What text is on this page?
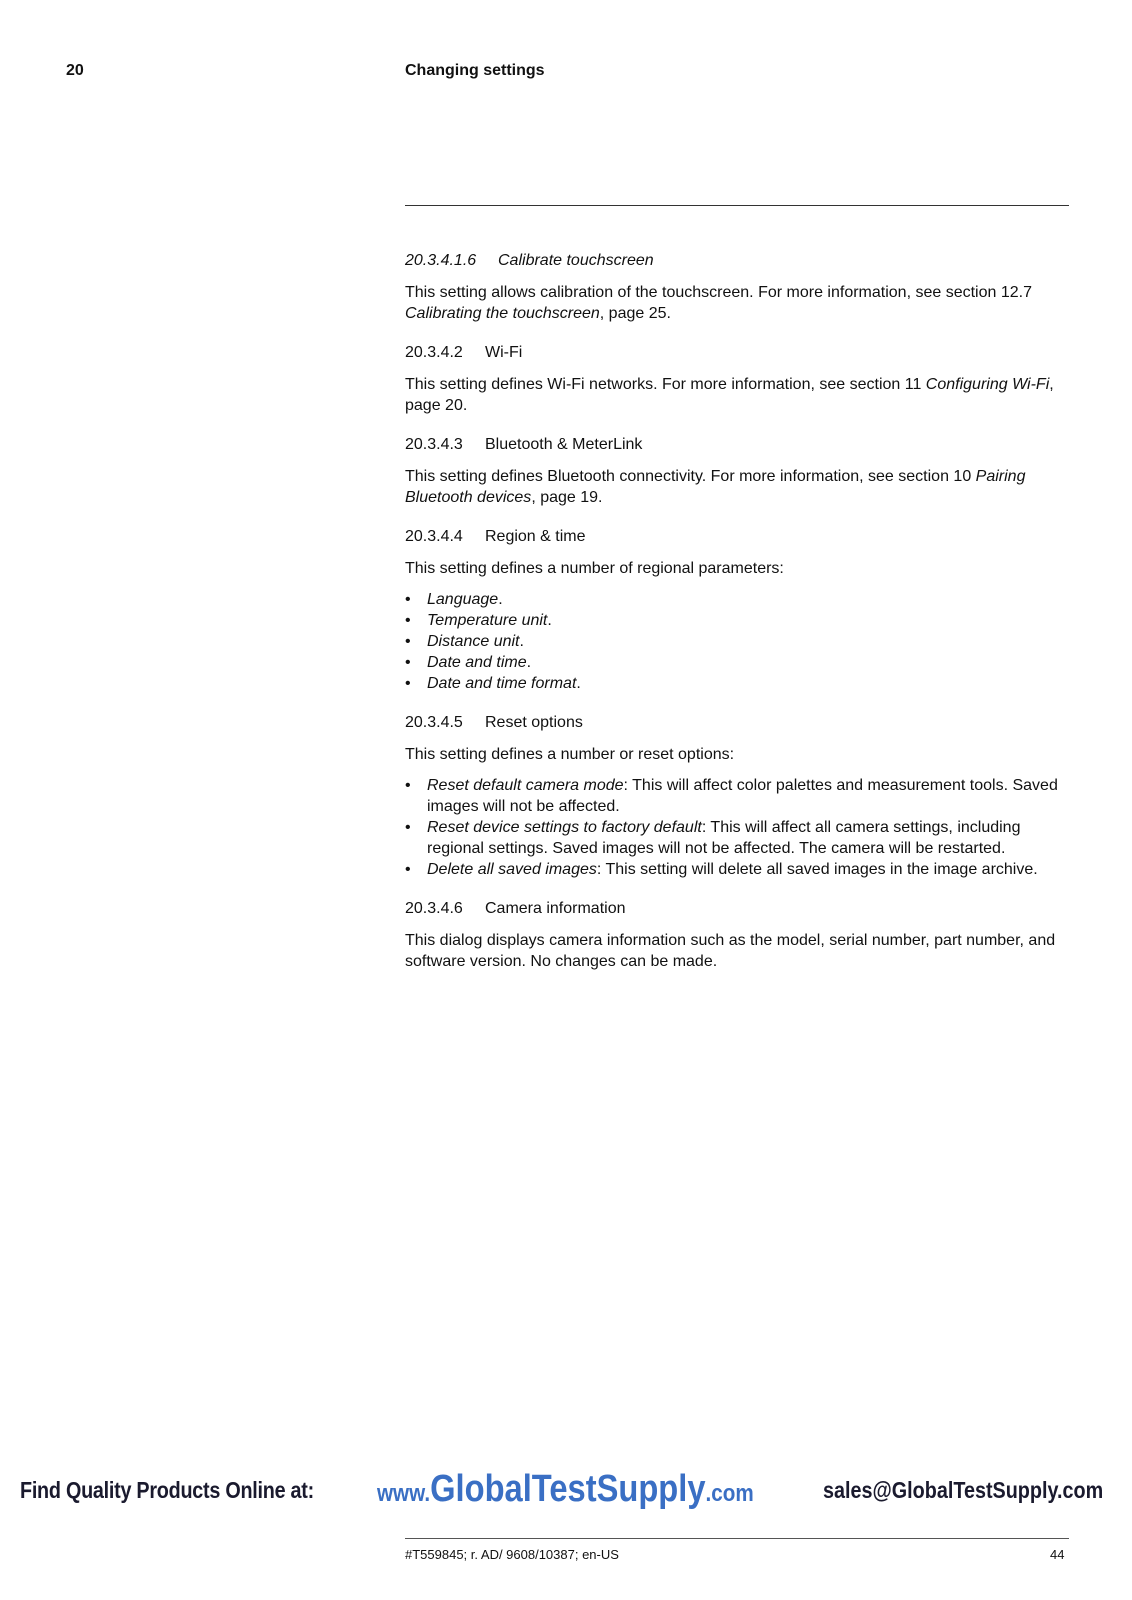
20	Changing settings
20.3.4.1.6 Calibrate touchscreen

This setting allows calibration of the touchscreen. For more information, see section 12.7 Calibrating the touchscreen, page 25.

20.3.4.2 Wi-Fi

This setting defines Wi-Fi networks. For more information, see section 11 Configuring Wi-Fi, page 20.

20.3.4.3 Bluetooth & MeterLink

This setting defines Bluetooth connectivity. For more information, see section 10 Pairing Bluetooth devices, page 19.

20.3.4.4 Region & time

This setting defines a number of regional parameters:

• Language.
• Temperature unit.
• Distance unit.
• Date and time.
• Date and time format.
20.3.4.5 Reset options

This setting defines a number or reset options:

• Reset default camera mode: This will affect color palettes and measurement tools. Saved images will not be affected.
• Reset device settings to factory default: This will affect all camera settings, including regional settings. Saved images will not be affected. The camera will be restarted.
• Delete all saved images: This setting will delete all saved images in the image archive.
20.3.4.6 Camera information

This dialog displays camera information such as the model, serial number, part number, and software version. No changes can be made.

Find Quality Products Online at:	www.GlobalTestSupply.com	sales@GlobalTestSupply.com
#T559845; r. AD/ 9608/10387; en-US	44
